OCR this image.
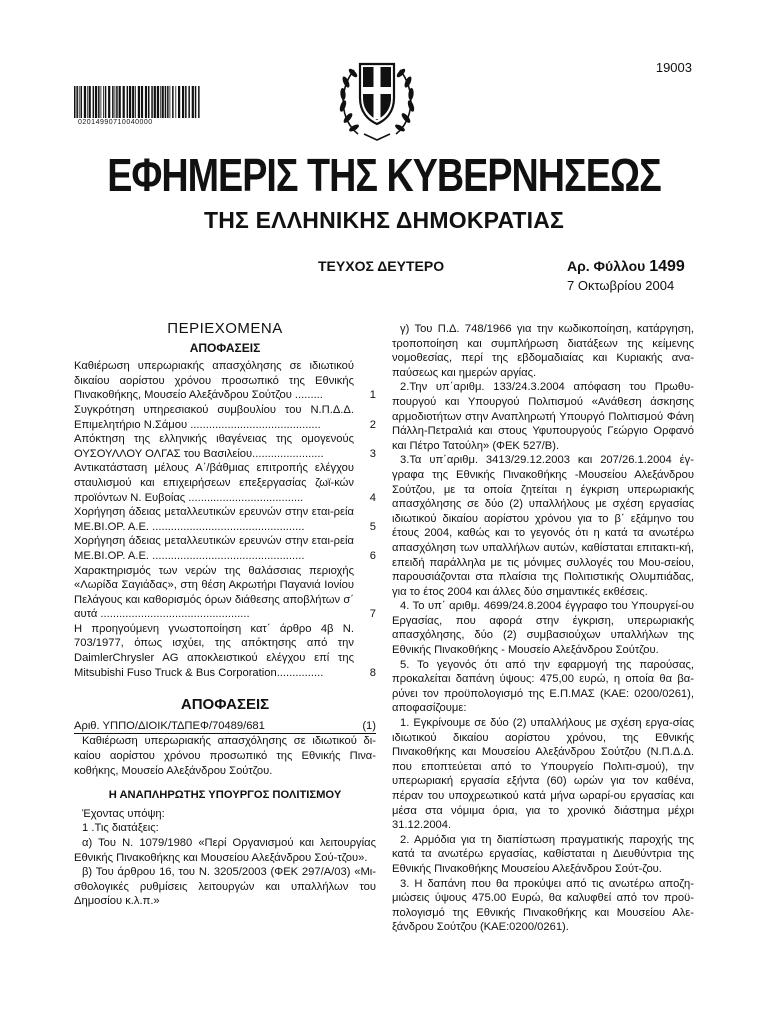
19003
02014990710040000
ΕΦΗΜΕΡΙΣ ΤΗΣ ΚΥΒΕΡΝΗΣΕΩΣ
ΤΗΣ ΕΛΛΗΝΙΚΗΣ ΔΗΜΟΚΡΑΤΙΑΣ
ΤΕΥΧΟΣ ΔΕΥΤΕΡΟ	Αρ. Φύλλου 1499
7 Οκτωβρίου 2004
ΠΕΡΙΕΧΟΜΕΝΑ
ΑΠΟΦΑΣΕΙΣ
Καθιέρωση υπερωριακής απασχόλησης σε ιδιωτικού δικαίου αορίστου χρόνου προσωπικό της Εθνικής Πινακοθήκης, Μουσείο Αλεξάνδρου Σούτζου .........	1
Συγκρότηση υπηρεσιακού συμβουλίου του Ν.Π.Δ.Δ. Επιμελητήριο Ν.Σάμου ..........................................	2
Απόκτηση της ελληνικής ιθαγένειας της ομογενούς ΟΥΣΟΥΛΛΟΥ ΟΛΓΑΣ του Βασιλείου.......................	3
Αντικατάσταση μέλους Α΄/βάθμιας επιτροπής ελέγχου σταυλισμού και επιχειρήσεων επεξεργασίας ζωϊ-κών προϊόντων Ν. Ευβοίας .....................................	4
Χορήγηση άδειας μεταλλευτικών ερευνών στην εται-ρεία ΜΕ.ΒΙ.ΟΡ. Α.Ε. .................................................	5
Χορήγηση άδειας μεταλλευτικών ερευνών στην εται-ρεία ΜΕ.ΒΙ.ΟΡ. Α.Ε. .................................................	6
Χαρακτηρισμός των νερών της θαλάσσιας περιοχής «Λωρίδα Σαγιάδας», στη θέση Ακρωτήρι Παγανιά Ιονίου Πελάγους και καθορισμός όρων διάθεσης αποβλήτων σ΄ αυτά ................................................	7
Η προηγούμενη γνωστοποίηση κατ΄ άρθρο 4β Ν. 703/1977, όπως ισχύει, της απόκτησης από την DaimlerChrysler AG αποκλειστικού ελέγχου επί της Mitsubishi Fuso Truck & Bus Corporation...............	8
ΑΠΟΦΑΣΕΙΣ
Αριθ. ΥΠΠΟ/ΔΙΟΙΚ/ΤΔΠΕΦ/70489/681	(1)

Καθιέρωση υπερωριακής απασχόλησης σε ιδιωτικού δι-καίου αορίστου χρόνου προσωπικό της Εθνικής Πινα-κοθήκης, Μουσείο Αλεξάνδρου Σούτζου.

Η ΑΝΑΠΛΗΡΩΤΗΣ ΥΠΟΥΡΓΟΣ ΠΟΛΙΤΙΣΜΟΥ

Έχοντας υπόψη:

1 .Τις διατάξεις:

α) Του Ν. 1079/1980 «Περί Οργανισμού και λειτουργίας Εθνικής Πινακοθήκης και Μουσείου Αλεξάνδρου Σού-τζου».

β) Του άρθρου 16, του Ν. 3205/2003 (ΦΕΚ 297/Α/03) «Μι-σθολογικές ρυθμίσεις λειτουργών και υπαλλήλων του Δημοσίου κ.λ.π.»

γ) Του Π.Δ. 748/1966 για την κωδικοποίηση, κατάργηση, τροποποίηση και συμπλήρωση διατάξεων της κείμενης νομοθεσίας, περί της εβδομαδιαίας και Κυριακής ανα-παύσεως και ημερών αργίας.

2.Την υπ΄αριθμ. 133/24.3.2004 απόφαση του Πρωθυ-πουργού και Υπουργού Πολιτισμού «Ανάθεση άσκησης αρμοδιοτήτων στην Αναπληρωτή Υπουργό Πολιτισμού Φάνη Πάλλη-Πετραλιά και στους Υφυπουργούς Γεώργιο Ορφανό και Πέτρο Τατούλη» (ΦΕΚ 527/Β).

3.Τα υπ΄αριθμ. 3413/29.12.2003 και 207/26.1.2004 έγ-γραφα της Εθνικής Πινακοθήκης -Μουσείου Αλεξάνδρου Σούτζου, με τα οποία ζητείται η έγκριση υπερωριακής απασχόλησης σε δύο (2) υπαλλήλους με σχέση εργασίας ιδιωτικού δικαίου αορίστου χρόνου για το β΄ εξάμηνο του έτους 2004, καθώς και το γεγονός ότι η κατά τα ανωτέρω απασχόληση των υπαλλήλων αυτών, καθίσταται επιτακτι-κή, επειδή παράλληλα με τις μόνιμες συλλογές του Μου-σείου, παρουσιάζονται στα πλαίσια της Πολιτιστικής Ολυμπιάδας, για το έτος 2004 και άλλες δύο σημαντικές εκθέσεις.

4. Το υπ΄ αριθμ. 4699/24.8.2004 έγγραφο του Υπουργεί-ου Εργασίας, που αφορά στην έγκριση, υπερωριακής απασχόλησης, δύο (2) συμβασιούχων υπαλλήλων της Εθνικής Πινακοθήκης - Μουσείο Αλεξάνδρου Σούτζου.

5. Το γεγονός ότι από την εφαρμογή της παρούσας, προκαλείται δαπάνη ύψους: 475,00 ευρώ, η οποία θα βα-ρύνει τον προϋπολογισμό της Ε.Π.ΜΑΣ (ΚΑΕ: 0200/0261), αποφασίζουμε:

1. Εγκρίνουμε σε δύο (2) υπαλλήλους με σχέση εργα-σίας ιδιωτικού δικαίου αορίστου χρόνου, της Εθνικής Πινακοθήκης και Μουσείου Αλεξάνδρου Σούτζου (Ν.Π.Δ.Δ. που εποπτεύεται από το Υπουργείο Πολιτι-σμού), την υπερωριακή εργασία εξήντα (60) ωρών για τον καθένα, πέραν του υποχρεωτικού κατά μήνα ωραρί-ου εργασίας και μέσα στα νόμιμα όρια, για το χρονικό διάστημα μέχρι 31.12.2004.

2. Αρμόδια για τη διαπίστωση πραγματικής παροχής της κατά τα ανωτέρω εργασίας, καθίσταται η Διευθύντρια της Εθνικής Πινακοθήκης Μουσείου Αλεξάνδρου Σούτ-ζου.

3. Η δαπάνη που θα προκύψει από τις ανωτέρω αποζη-μιώσεις ύψους 475.00 Ευρώ, θα καλυφθεί από τον προϋ-πολογισμό της Εθνικής Πινακοθήκης και Μουσείου Αλε-ξάνδρου Σούτζου (ΚΑΕ:0200/0261).
